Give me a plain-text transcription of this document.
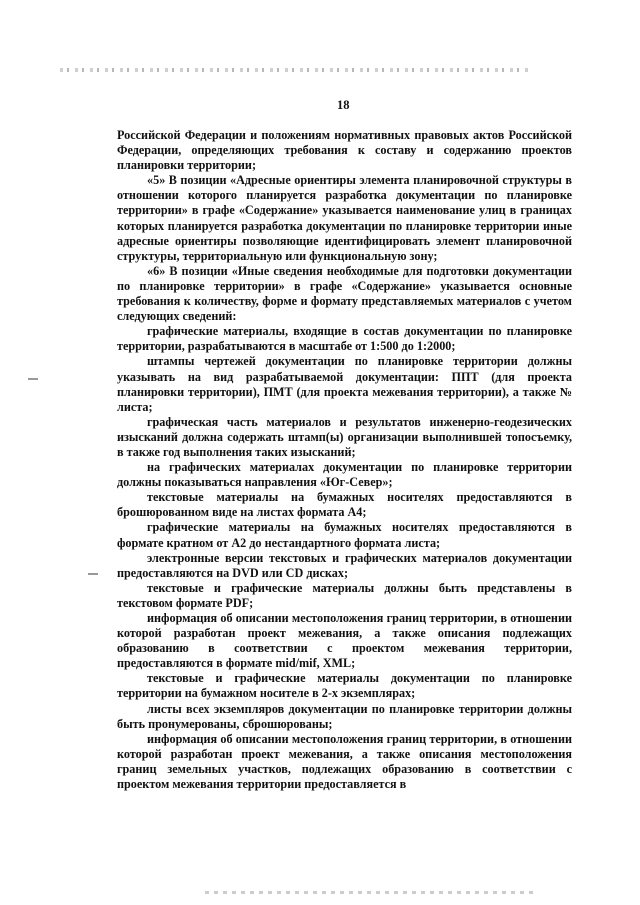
18

Российской Федерации и положениям нормативных правовых актов Российской Федерации, определяющих требования к составу и содержанию проектов планировки территории;

«5» В позиции «Адресные ориентиры элемента планировочной структуры в отношении которого планируется разработка документации по планировке территории» в графе «Содержание» указывается наименование улиц в границах которых планируется разработка документации по планировке территории иные адресные ориентиры позволяющие идентифицировать элемент планировочной структуры, территориальную или функциональную зону;

«6» В позиции «Иные сведения необходимые для подготовки документации по планировке территории» в графе «Содержание» указывается основные требования к количеству, форме и формату представляемых материалов с учетом следующих сведений:

графические материалы, входящие в состав документации по планировке территории, разрабатываются в масштабе от 1:500 до 1:2000;

штампы чертежей документации по планировке территории должны указывать на вид разрабатываемой документации: ППТ (для проекта планировки территории), ПМТ (для проекта межевания территории), а также № листа;

графическая часть материалов и результатов инженерно-геодезических изысканий должна содержать штамп(ы) организации выполнившей топосъемку, в также год выполнения таких изысканий;

на графических материалах документации по планировке территории должны показываться направления «Юг-Север»;

текстовые материалы на бумажных носителях предоставляются в брошюрованном виде на листах формата А4;

графические материалы на бумажных носителях предоставляются в формате кратном от А2 до нестандартного формата листа;

электронные версии текстовых и графических материалов документации предоставляются на DVD или CD дисках;

текстовые и графические материалы должны быть представлены в текстовом формате PDF;

информация об описании местоположения границ территории, в отношении которой разработан проект межевания, а также описания подлежащих образованию в соответствии с проектом межевания территории, предоставляются в формате mid/mif, XML;

текстовые и графические материалы документации по планировке территории на бумажном носителе в 2-х экземплярах;

листы всех экземпляров документации по планировке территории должны быть пронумерованы, сброшюрованы;

информация об описании местоположения границ территории, в отношении которой разработан проект межевания, а также описания местоположения границ земельных участков, подлежащих образованию в соответствии с проектом межевания территории предоставляется в
